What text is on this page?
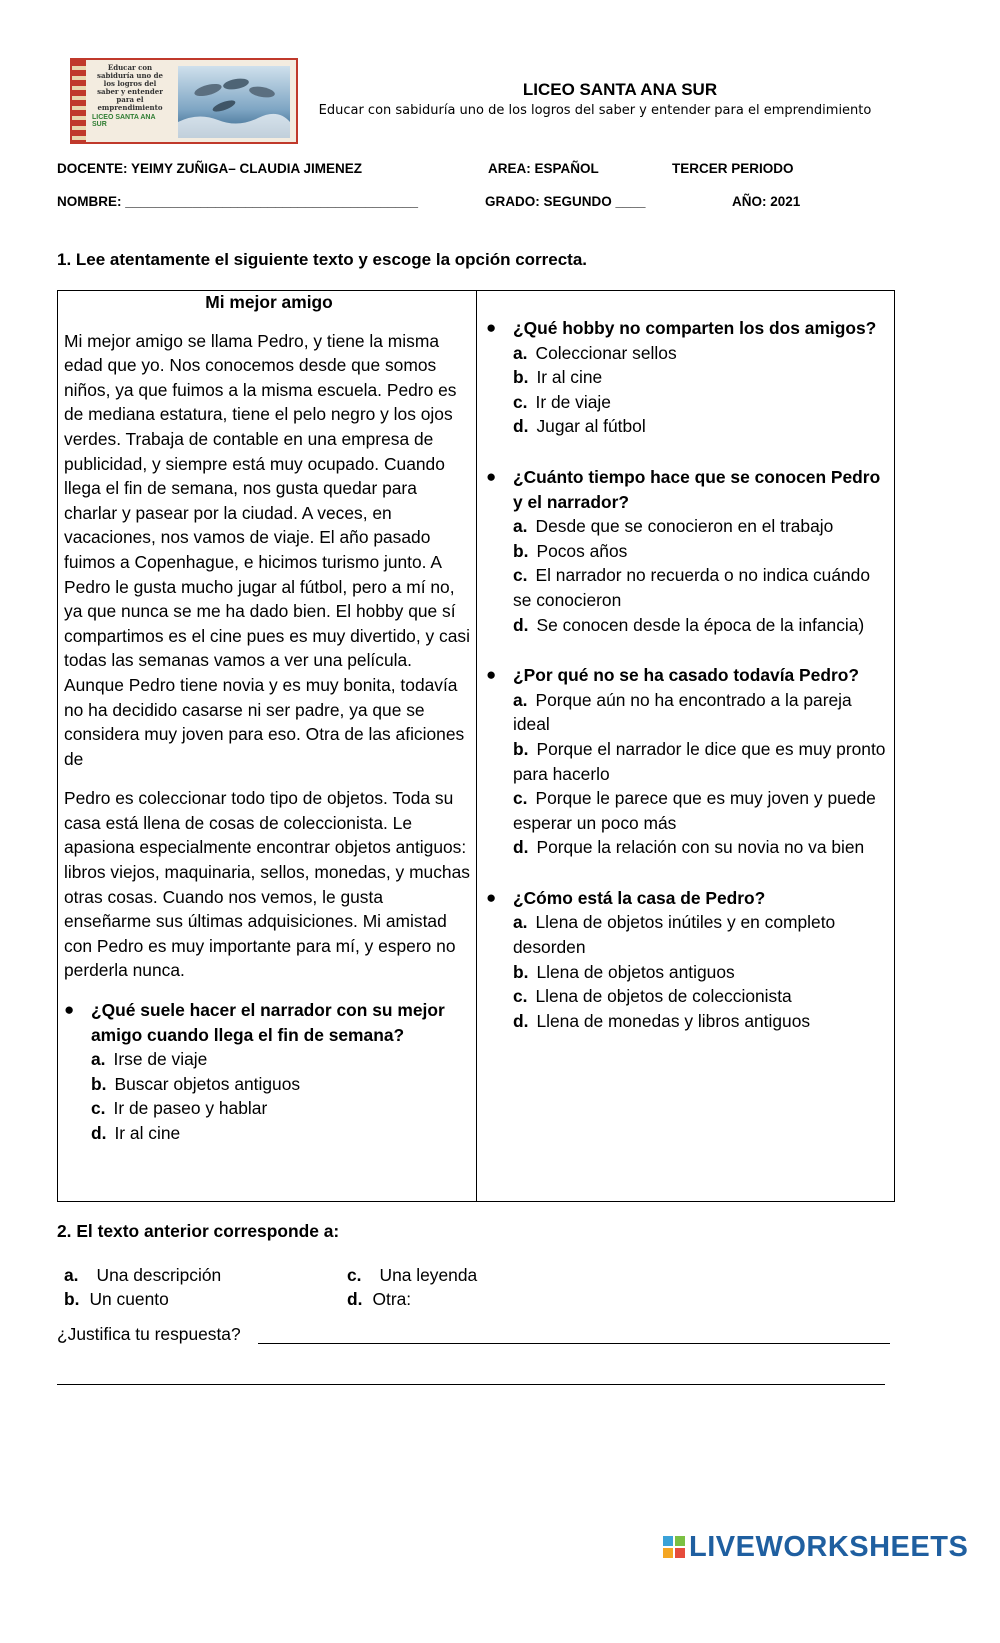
Educar con sabiduría uno de los logros del saber y entender para el emprendimiento
LICEO SANTA ANA SUR
LICEO SANTA ANA SUR
Educar con sabiduría uno de los logros del saber y entender para el emprendimiento
DOCENTE: YEIMY ZUÑIGA– CLAUDIA JIMENEZ	AREA: ESPAÑOL	TERCER PERIODO
NOMBRE: _______________________________________	GRADO: SEGUNDO ____	AÑO: 2021
1. Lee atentamente el siguiente texto y escoge la opción correcta.
Mi mejor amigo

Mi mejor amigo se llama Pedro, y tiene la misma edad que yo. Nos conocemos desde que somos niños, ya que fuimos a la misma escuela. Pedro es de mediana estatura, tiene el pelo negro y los ojos verdes. Trabaja de contable en una empresa de publicidad, y siempre está muy ocupado. Cuando llega el fin de semana, nos gusta quedar para charlar y pasear por la ciudad. A veces, en vacaciones, nos vamos de viaje. El año pasado fuimos a Copenhague, e hicimos turismo junto. A Pedro le gusta mucho jugar al fútbol, pero a mí no, ya que nunca se me ha dado bien. El hobby que sí compartimos es el cine pues es muy divertido, y casi todas las semanas vamos a ver una película. Aunque Pedro tiene novia y es muy bonita, todavía no ha decidido casarse ni ser padre, ya que se considera muy joven para eso. Otra de las aficiones de

Pedro es coleccionar todo tipo de objetos. Toda su casa está llena de cosas de coleccionista. Le apasiona especialmente encontrar objetos antiguos: libros viejos, maquinaria, sellos, monedas, y muchas otras cosas. Cuando nos vemos, le gusta enseñarme sus últimas adquisiciones. Mi amistad con Pedro es muy importante para mí, y espero no perderla nunca.

● ¿Qué suele hacer el narrador con su mejor amigo cuando llega el fin de semana?
a. Irse de viaje
b. Buscar objetos antiguos
c. Ir de paseo y hablar
d. Ir al cine
● ¿Qué hobby no comparten los dos amigos?
a. Coleccionar sellos
b. Ir al cine
c. Ir de viaje
d. Jugar al fútbol
● ¿Cuánto tiempo hace que se conocen Pedro y el narrador?
a. Desde que se conocieron en el trabajo
b. Pocos años
c. El narrador no recuerda o no indica cuándo se conocieron
d. Se conocen desde la época de la infancia)
● ¿Por qué no se ha casado todavía Pedro?
a. Porque aún no ha encontrado a la pareja ideal
b. Porque el narrador le dice que es muy pronto para hacerlo
c. Porque le parece que es muy joven y puede esperar un poco más
d. Porque la relación con su novia no va bien
● ¿Cómo está la casa de Pedro?
a. Llena de objetos inútiles y en completo desorden
b. Llena de objetos antiguos
c. Llena de objetos de coleccionista
d. Llena de monedas y libros antiguos
2. El texto anterior corresponde a:
a. Una descripción
b. Un cuento
c. Una leyenda
d. Otra:
¿Justifica tu respuesta?
LIVEWORKSHEETS
